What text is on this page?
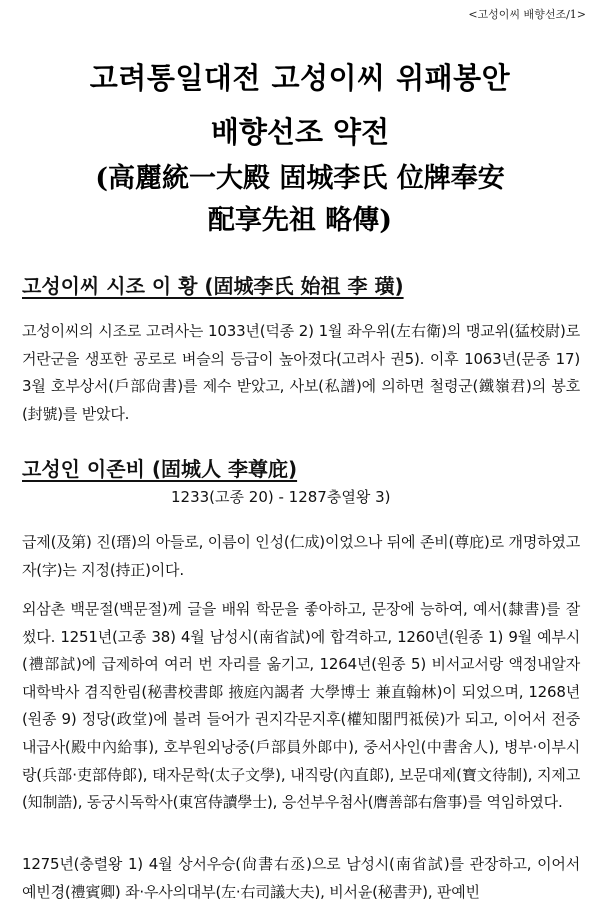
<고성이씨 배향선조/1>
고려통일대전 고성이씨 위패봉안
배향선조 약전
(高麗統一大殿 固城李氏 位牌奉安
配享先祖 略傳)
고성이씨 시조 이 황 (固城李氏 始祖 李 璜)

고성이씨의 시조로 고려사는 1033년(덕종 2) 1월 좌우위(左右衛)의 맹교위(猛校尉)로 거란군을 생포한 공로로 벼슬의 등급이 높아졌다(고려사 권5). 이후 1063년(문종 17) 3월 호부상서(戶部尙書)를 제수 받았고, 사보(私譜)에 의하면 철령군(鐵嶺君)의 봉호(封號)를 받았다.

고성인 이존비 (固城人 李尊庇)
1233(고종 20) - 1287충열왕 3)

급제(及第) 진(瑨)의 아들로, 이름이 인성(仁成)이었으나 뒤에 존비(尊庇)로 개명하였고 자(字)는 지정(持正)이다.

외삼촌 백문절(백문절)께 글을 배워 학문을 좋아하고, 문장에 능하여, 예서(隸書)를 잘 썼다. 1251년(고종 38) 4월 남성시(南省試)에 합격하고, 1260년(원종 1) 9월 예부시(禮部試)에 급제하여 여러 번 자리를 옮기고, 1264년(원종 5) 비서교서랑 액정내알자 대학박사 겸직한림(秘書校書郞 掖庭內謁者 大學博士 兼直翰林)이 되었으며, 1268년(원종 9) 정당(政堂)에 불려 들어가 권지각문지후(權知閣門祗侯)가 되고, 이어서 전중내급사(殿中內給事), 호부원외낭중(戶部員外郞中), 중서사인(中書舍人), 병부·이부시랑(兵部·吏部侍郞), 태자문학(太子文學), 내직랑(內直郞), 보문대제(寶文待制), 지제고(知制誥), 동궁시독학사(東宮侍讀學士), 응선부우첨사(膺善部右詹事)를 역임하였다.

1275년(충렬왕 1) 4월 상서우승(尙書右丞)으로 남성시(南省試)를 관장하고, 이어서 예빈경(禮賓卿) 좌·우사의대부(左·右司議大夫), 비서윤(秘書尹), 판예빈
